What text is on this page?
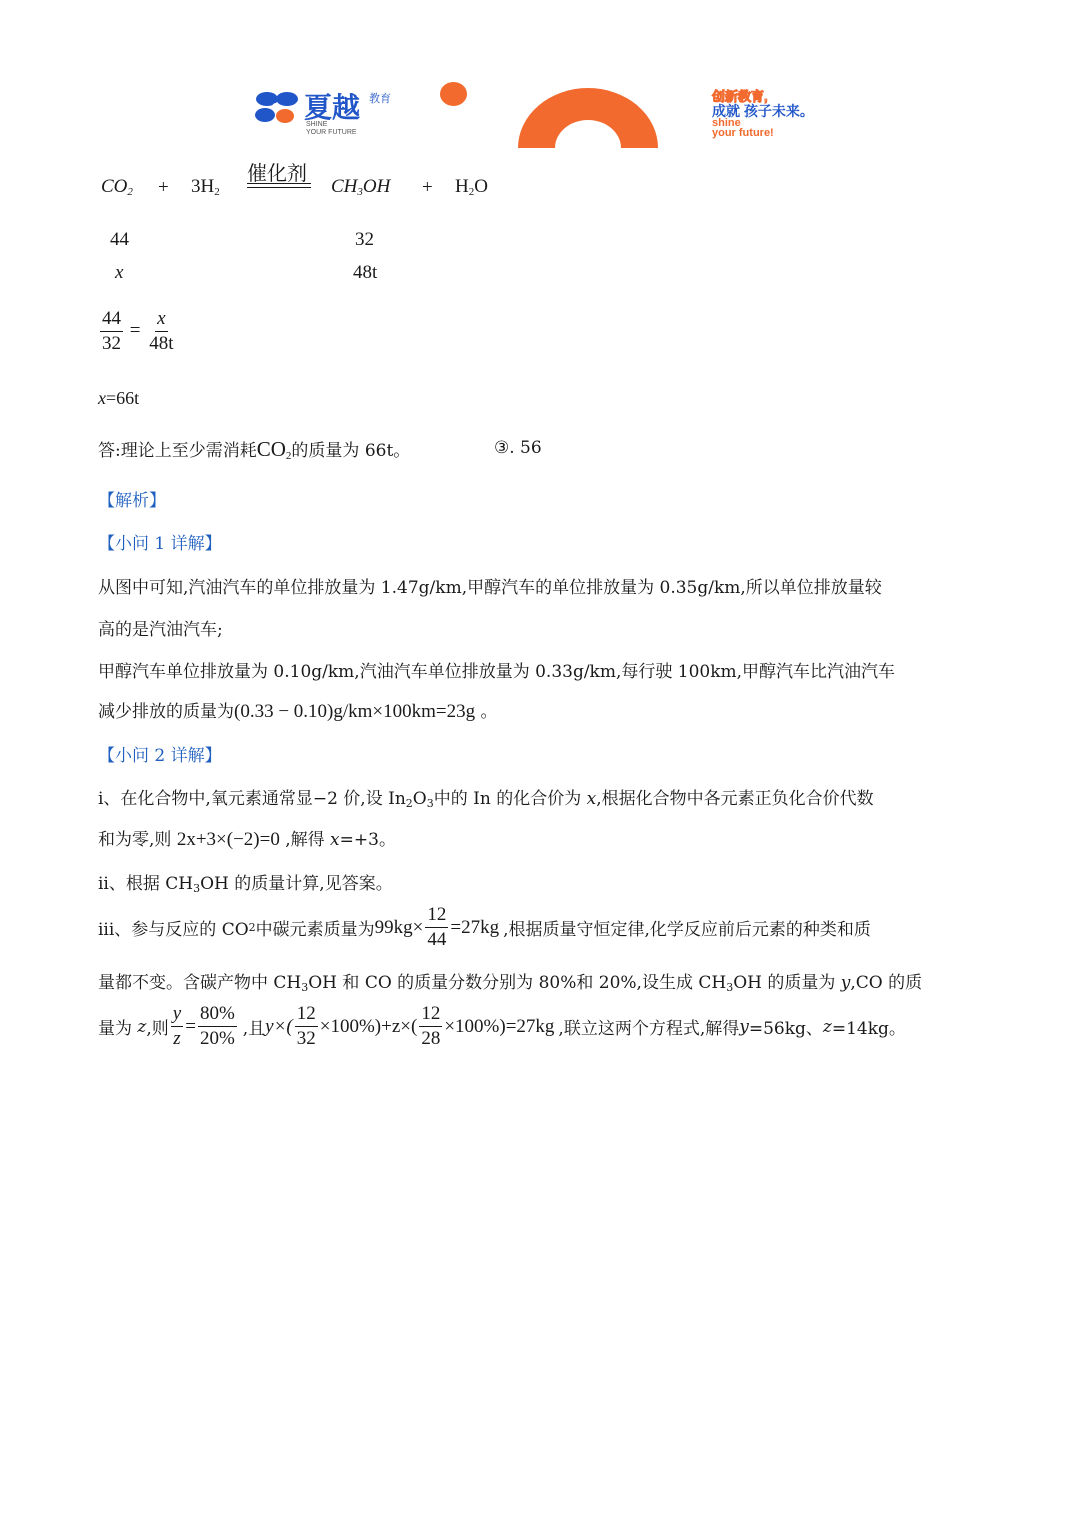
夏越 教育
SHINE
YOUR FUTURE
创新教育,
成就 孩子未来。
shine
your future!
催化剂
$CO_2 + 3H_2$	$CH_3OH + H_2O$
44	32
x	48t
$\frac{44}{32} = \frac{x}{48t}$
x=66t
答:理论上至少需消耗$CO_2$的质量为 66t。	③. 56
【解析】
【小问 1 详解】
从图中可知,汽油汽车的单位排放量为 1.47g/km,甲醇汽车的单位排放量为 0.35g/km,所以单位排放量较
高的是汽油汽车;
甲醇汽车单位排放量为 0.10g/km,汽油汽车单位排放量为 0.33g/km,每行驶 100km,甲醇汽车比汽油汽车
减少排放的质量为(0.33 − 0.10)g/km×100km=23g 。
【小问 2 详解】
i、在化合物中,氧元素通常显−2 价,设 $In_2O_3$中的 In 的化合价为 x,根据化合物中各元素正负化合价代数
和为零,则 2x+3×(−2)=0 ,解得 x=+3。
ii、根据 $CH_3OH$ 的质量计算,见答案。
iii、参与反应的 CO 2 中碳元素质量为 $99kg\times \frac{12}{44} =27kg$ ,根据质量守恒定律,化学反应前后元素的种类和质
量都不变。含碳产物中 $CH_3OH$ 和 CO 的质量分数分别为 80%和 20%,设生成 $CH_3OH$ 的质量为 y,CO 的质
量为
z ,则 $\frac{y}{z} = \frac{80\%}{20\%}$ ,且 $y\times( \frac{12}{32} \times 100\%)+z\times( \frac{12}{28} \times 100\%)=27kg$ ,联立这两个方程式,解得 y =56kg、 z =14kg。
